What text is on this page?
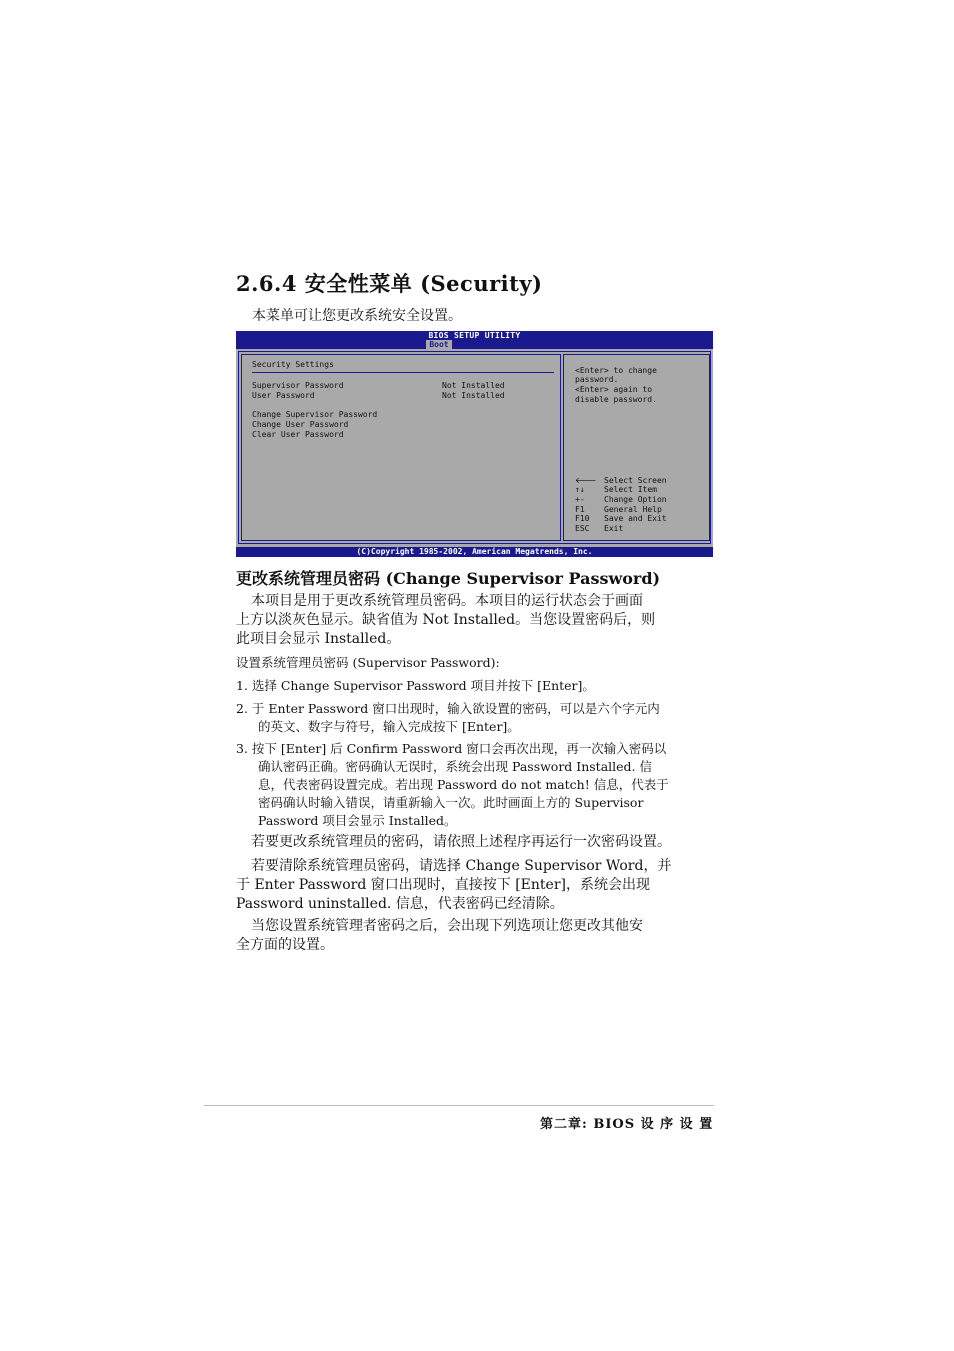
2.6.4 安全性菜单 (Security)
本菜单可让您更改系统安全设置。
BIOS SETUP UTILITY
Boot
Security Settings
Supervisor Password	Not Installed
User Password	Not Installed
Change Supervisor Password
Change User Password
Clear User Password
<Enter> to change
password.
<Enter> again to
disable password.
🡐 Select Screen
↑↓ Select Item
+- Change Option
F1 General Help
F10 Save and Exit
ESC Exit
(C)Copyright 1985-2002, American Megatrends, Inc.
更改系统管理员密码 (Change Supervisor Password)
本项目是用于更改系统管理员密码。本项目的运行状态会于画面
上方以淡灰色显示。缺省值为 Not Installed。当您设置密码后，则
此项目会显示 Installed。
设置系统管理员密码 (Supervisor Password):
1. 选择 Change Supervisor Password 项目并按下 [Enter]。
2. 于 Enter Password 窗口出现时，输入欲设置的密码，可以是六个字元内
的英文、数字与符号，输入完成按下 [Enter]。
3. 按下 [Enter] 后 Confirm Password 窗口会再次出现，再一次输入密码以
确认密码正确。密码确认无误时，系统会出现 Password Installed. 信
息，代表密码设置完成。若出现 Password do not match! 信息，代表于
密码确认时输入错误，请重新输入一次。此时画面上方的 Supervisor
Password 项目会显示 Installed。
若要更改系统管理员的密码，请依照上述程序再运行一次密码设置。
若要清除系统管理员密码，请选择 Change Supervisor Word，并
于 Enter Password 窗口出现时，直接按下 [Enter]，系统会出现
Password uninstalled. 信息，代表密码已经清除。
当您设置系统管理者密码之后，会出现下列选项让您更改其他安
全方面的设置。
第二章: BIOS 设 序 设 置
